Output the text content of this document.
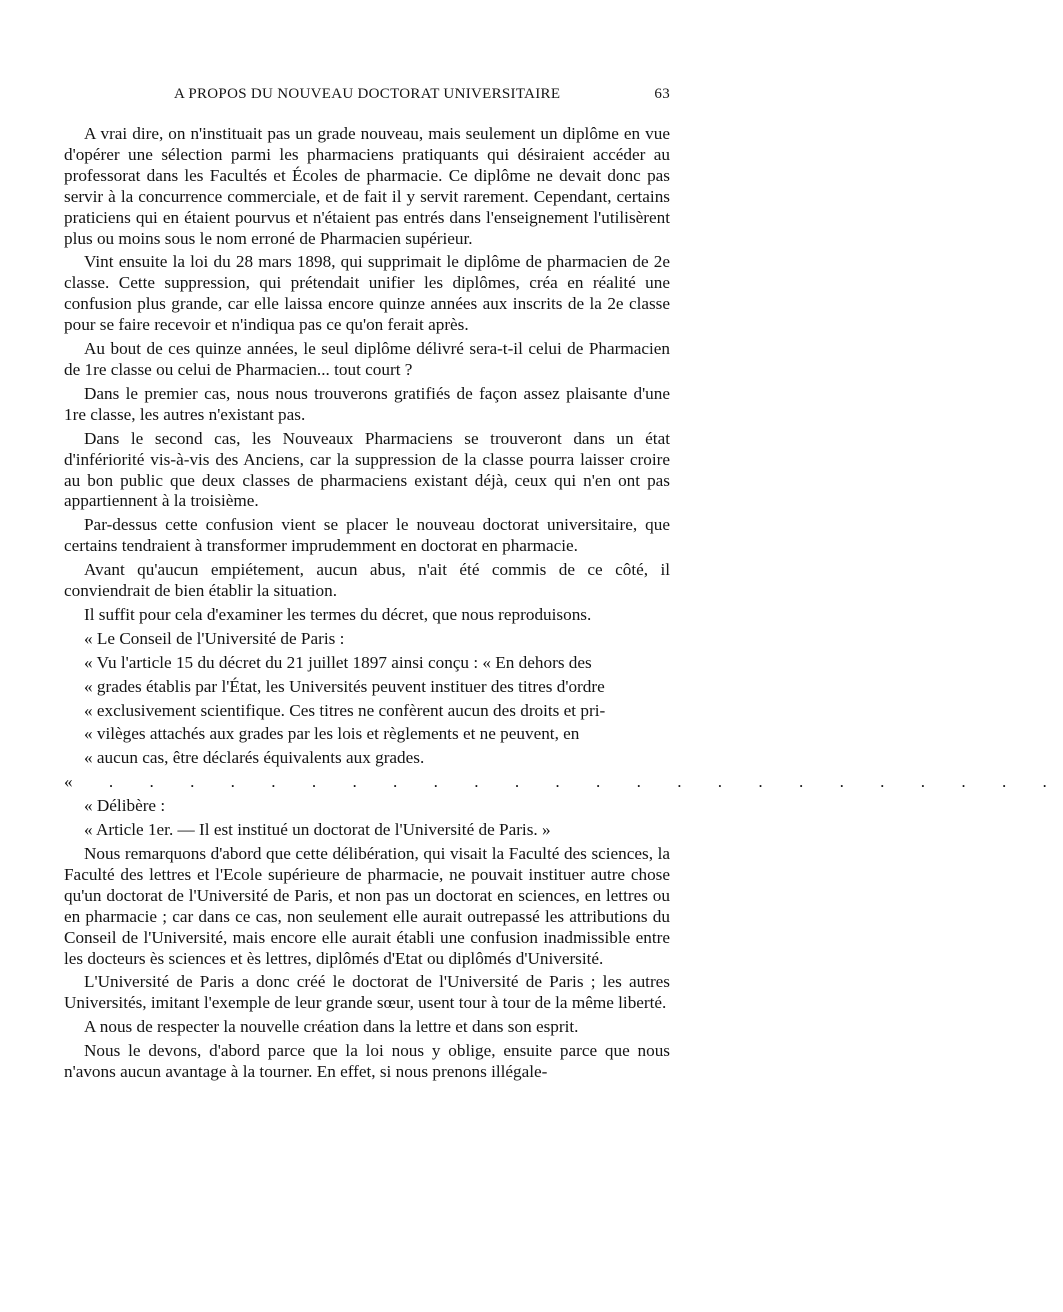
A PROPOS DU NOUVEAU DOCTORAT UNIVERSITAIRE	63

A vrai dire, on n'instituait pas un grade nouveau, mais seulement un diplôme en vue d'opérer une sélection parmi les pharmaciens pratiquants qui désiraient accéder au professorat dans les Facultés et Écoles de pharmacie. Ce diplôme ne devait donc pas servir à la concurrence commerciale, et de fait il y servit rarement. Cependant, certains praticiens qui en étaient pourvus et n'étaient pas entrés dans l'enseignement l'utilisèrent plus ou moins sous le nom erroné de Pharmacien supérieur.

Vint ensuite la loi du 28 mars 1898, qui supprimait le diplôme de pharmacien de 2e classe. Cette suppression, qui prétendait unifier les diplômes, créa en réalité une confusion plus grande, car elle laissa encore quinze années aux inscrits de la 2e classe pour se faire recevoir et n'indiqua pas ce qu'on ferait après.

Au bout de ces quinze années, le seul diplôme délivré sera-t-il celui de Pharmacien de 1re classe ou celui de Pharmacien... tout court ?

Dans le premier cas, nous nous trouverons gratifiés de façon assez plaisante d'une 1re classe, les autres n'existant pas.

Dans le second cas, les Nouveaux Pharmaciens se trouveront dans un état d'infériorité vis-à-vis des Anciens, car la suppression de la classe pourra laisser croire au bon public que deux classes de pharmaciens existant déjà, ceux qui n'en ont pas appartiennent à la troisième.

Par-dessus cette confusion vient se placer le nouveau doctorat universitaire, que certains tendraient à transformer imprudemment en doctorat en pharmacie.

Avant qu'aucun empiétement, aucun abus, n'ait été commis de ce côté, il conviendrait de bien établir la situation.

Il suffit pour cela d'examiner les termes du décret, que nous reproduisons.

« Le Conseil de l'Université de Paris :

« Vu l'article 15 du décret du 21 juillet 1897 ainsi conçu : « En dehors des

« grades établis par l'État, les Universités peuvent instituer des titres d'ordre

« exclusivement scientifique. Ces titres ne confèrent aucun des droits et pri-

« vilèges attachés aux grades par les lois et règlements et ne peuvent, en

« aucun cas, être déclarés équivalents aux grades.

« . . . . . . . . . . . . . . . . . . . . . . . .

« Délibère :

« Article 1er. — Il est institué un doctorat de l'Université de Paris. »

Nous remarquons d'abord que cette délibération, qui visait la Faculté des sciences, la Faculté des lettres et l'Ecole supérieure de pharmacie, ne pouvait instituer autre chose qu'un doctorat de l'Université de Paris, et non pas un doctorat en sciences, en lettres ou en pharmacie ; car dans ce cas, non seulement elle aurait outrepassé les attributions du Conseil de l'Université, mais encore elle aurait établi une confusion inadmissible entre les docteurs ès sciences et ès lettres, diplômés d'Etat ou diplômés d'Université.

L'Université de Paris a donc créé le doctorat de l'Université de Paris ; les autres Universités, imitant l'exemple de leur grande sœur, usent tour à tour de la même liberté.

A nous de respecter la nouvelle création dans la lettre et dans son esprit.

Nous le devons, d'abord parce que la loi nous y oblige, ensuite parce que nous n'avons aucun avantage à la tourner. En effet, si nous prenons illégale-
